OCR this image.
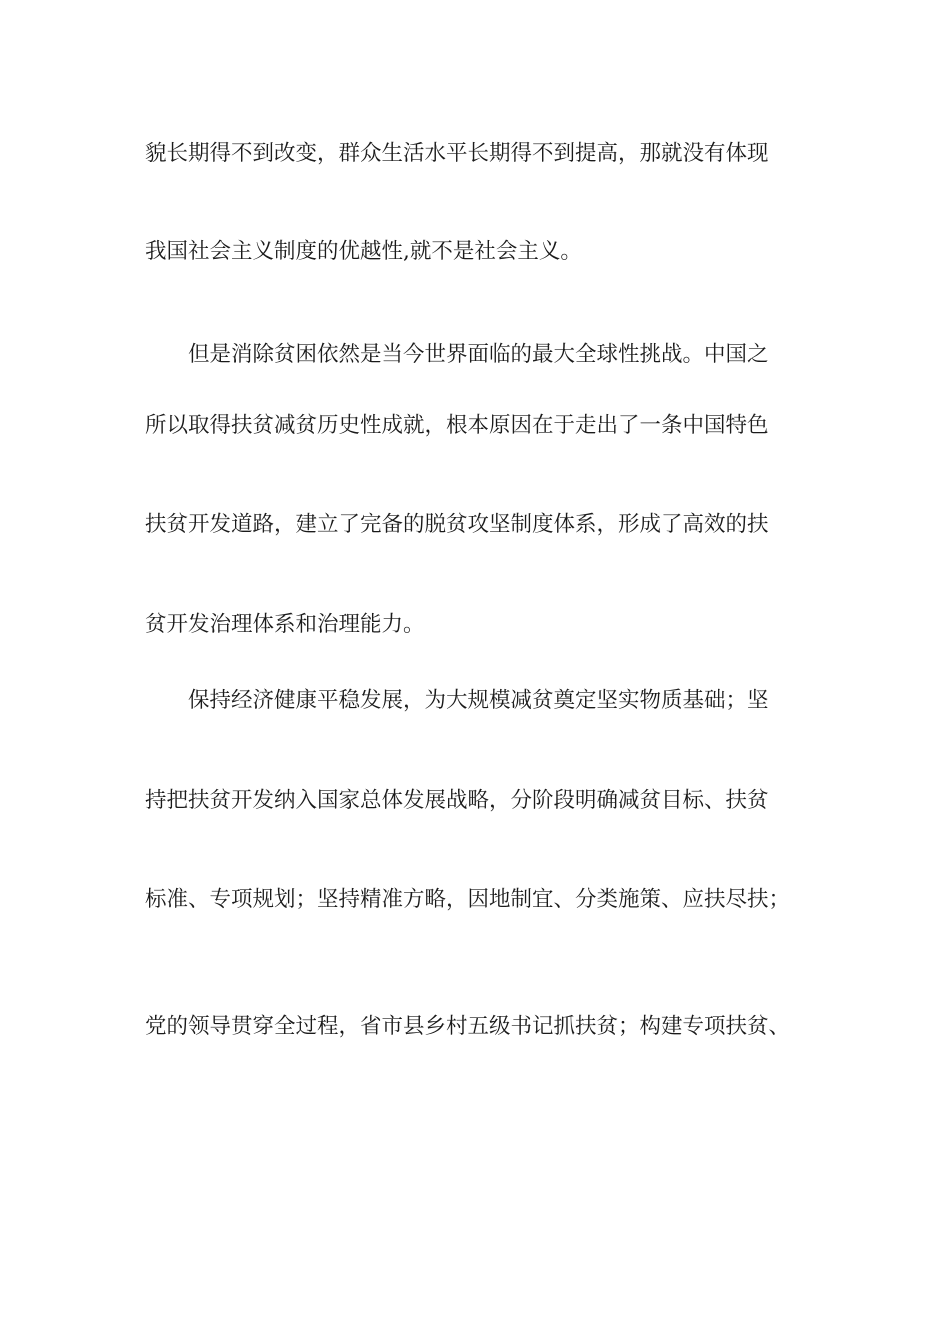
貌长期得不到改变，群众生活水平长期得不到提高，那就没有体现
我国社会主义制度的优越性,就不是社会主义。
但是消除贫困依然是当今世界面临的最大全球性挑战。中国之
所以取得扶贫减贫历史性成就，根本原因在于走出了一条中国特色
扶贫开发道路，建立了完备的脱贫攻坚制度体系，形成了高效的扶
贫开发治理体系和治理能力。
保持经济健康平稳发展，为大规模减贫奠定坚实物质基础；坚
持把扶贫开发纳入国家总体发展战略，分阶段明确减贫目标、扶贫
标准、专项规划；坚持精准方略，因地制宜、分类施策、应扶尽扶；
党的领导贯穿全过程，省市县乡村五级书记抓扶贫；构建专项扶贫、
